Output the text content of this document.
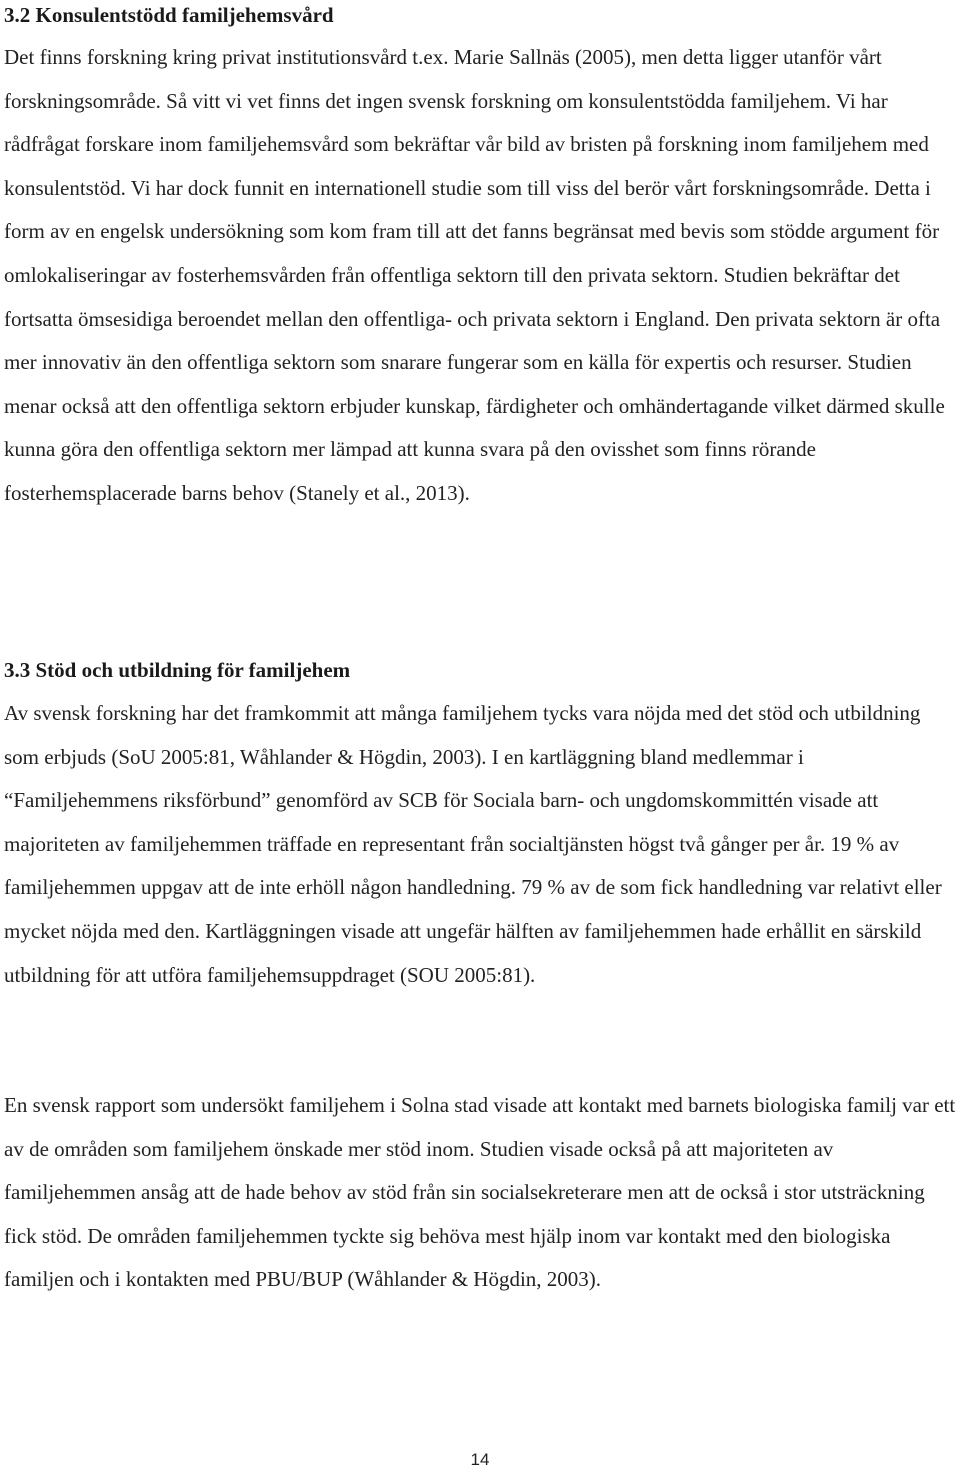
3.2 Konsulentstödd familjehemsvård

Det finns forskning kring privat institutionsvård t.ex. Marie Sallnäs (2005), men detta ligger utanför vårt forskningsområde. Så vitt vi vet finns det ingen svensk forskning om konsulentstödda familjehem. Vi har rådfrågat forskare inom familjehemsvård som bekräftar vår bild av bristen på forskning inom familjehem med konsulentstöd. Vi har dock funnit en internationell studie som till viss del berör vårt forskningsområde. Detta i form av en engelsk undersökning som kom fram till att det fanns begränsat med bevis som stödde argument för omlokaliseringar av fosterhemsvården från offentliga sektorn till den privata sektorn. Studien bekräftar det fortsatta ömsesidiga beroendet mellan den offentliga- och privata sektorn i England. Den privata sektorn är ofta mer innovativ än den offentliga sektorn som snarare fungerar som en källa för expertis och resurser. Studien menar också att den offentliga sektorn erbjuder kunskap, färdigheter och omhändertagande vilket därmed skulle kunna göra den offentliga sektorn mer lämpad att kunna svara på den ovisshet som finns rörande fosterhemsplacerade barns behov (Stanely et al., 2013).

3.3 Stöd och utbildning för familjehem

Av svensk forskning har det framkommit att många familjehem tycks vara nöjda med det stöd och utbildning som erbjuds (SoU 2005:81, Wåhlander & Högdin, 2003). I en kartläggning bland medlemmar i “Familjehemmens riksförbund” genomförd av SCB för Sociala barn- och ungdomskommittén visade att majoriteten av familjehemmen träffade en representant från socialtjänsten högst två gånger per år. 19 % av familjehemmen uppgav att de inte erhöll någon handledning. 79 % av de som fick handledning var relativt eller mycket nöjda med den. Kartläggningen visade att ungefär hälften av familjehemmen hade erhållit en särskild utbildning för att utföra familjehemsuppdraget (SOU 2005:81).

En svensk rapport som undersökt familjehem i Solna stad visade att kontakt med barnets biologiska familj var ett av de områden som familjehem önskade mer stöd inom. Studien visade också på att majoriteten av familjehemmen ansåg att de hade behov av stöd från sin socialsekreterare men att de också i stor utsträckning fick stöd. De områden familjehemmen tyckte sig behöva mest hjälp inom var kontakt med den biologiska familjen och i kontakten med PBU/BUP (Wåhlander & Högdin, 2003).

14
